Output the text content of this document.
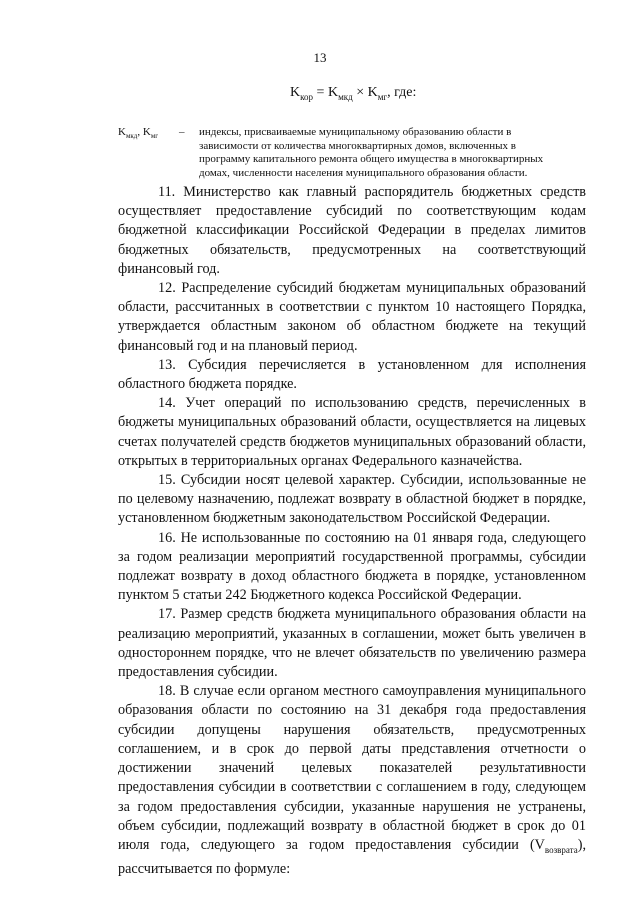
13
$K_{кор} = K_{мкд} \times K_{мг}$, где:
$K_{мкд}$, $K_{мг}$ – индексы, присваиваемые муниципальному образованию области в зависимости от количества многоквартирных домов, включенных в программу капитального ремонта общего имущества в многоквартирных домах, численности населения муниципального образования области.

11. Министерство как главный распорядитель бюджетных средств осуществляет предоставление субсидий по соответствующим кодам бюджетной классификации Российской Федерации в пределах лимитов бюджетных обязательств, предусмотренных на соответствующий финансовый год.

12. Распределение субсидий бюджетам муниципальных образований области, рассчитанных в соответствии с пунктом 10 настоящего Порядка, утверждается областным законом об областном бюджете на текущий финансовый год и на плановый период.

13. Субсидия перечисляется в установленном для исполнения областного бюджета порядке.

14. Учет операций по использованию средств, перечисленных в бюджеты муниципальных образований области, осуществляется на лицевых счетах получателей средств бюджетов муниципальных образований области, открытых в территориальных органах Федерального казначейства.

15. Субсидии носят целевой характер. Субсидии, использованные не по целевому назначению, подлежат возврату в областной бюджет в порядке, установленном бюджетным законодательством Российской Федерации.

16. Не использованные по состоянию на 01 января года, следующего за годом реализации мероприятий государственной программы, субсидии подлежат возврату в доход областного бюджета в порядке, установленном пунктом 5 статьи 242 Бюджетного кодекса Российской Федерации.

17. Размер средств бюджета муниципального образования области на реализацию мероприятий, указанных в соглашении, может быть увеличен в одностороннем порядке, что не влечет обязательств по увеличению размера предоставления субсидии.

18. В случае если органом местного самоуправления муниципального образования области по состоянию на 31 декабря года предоставления субсидии допущены нарушения обязательств, предусмотренных соглашением, и в срок до первой даты представления отчетности о достижении значений целевых показателей результативности предоставления субсидии в соответствии с соглашением в году, следующем за годом предоставления субсидии, указанные нарушения не устранены, объем субсидии, подлежащий возврату в областной бюджет в срок до 01 июля года, следующего за годом предоставления субсидии $(V_{возврата})$, рассчитывается по формуле:
